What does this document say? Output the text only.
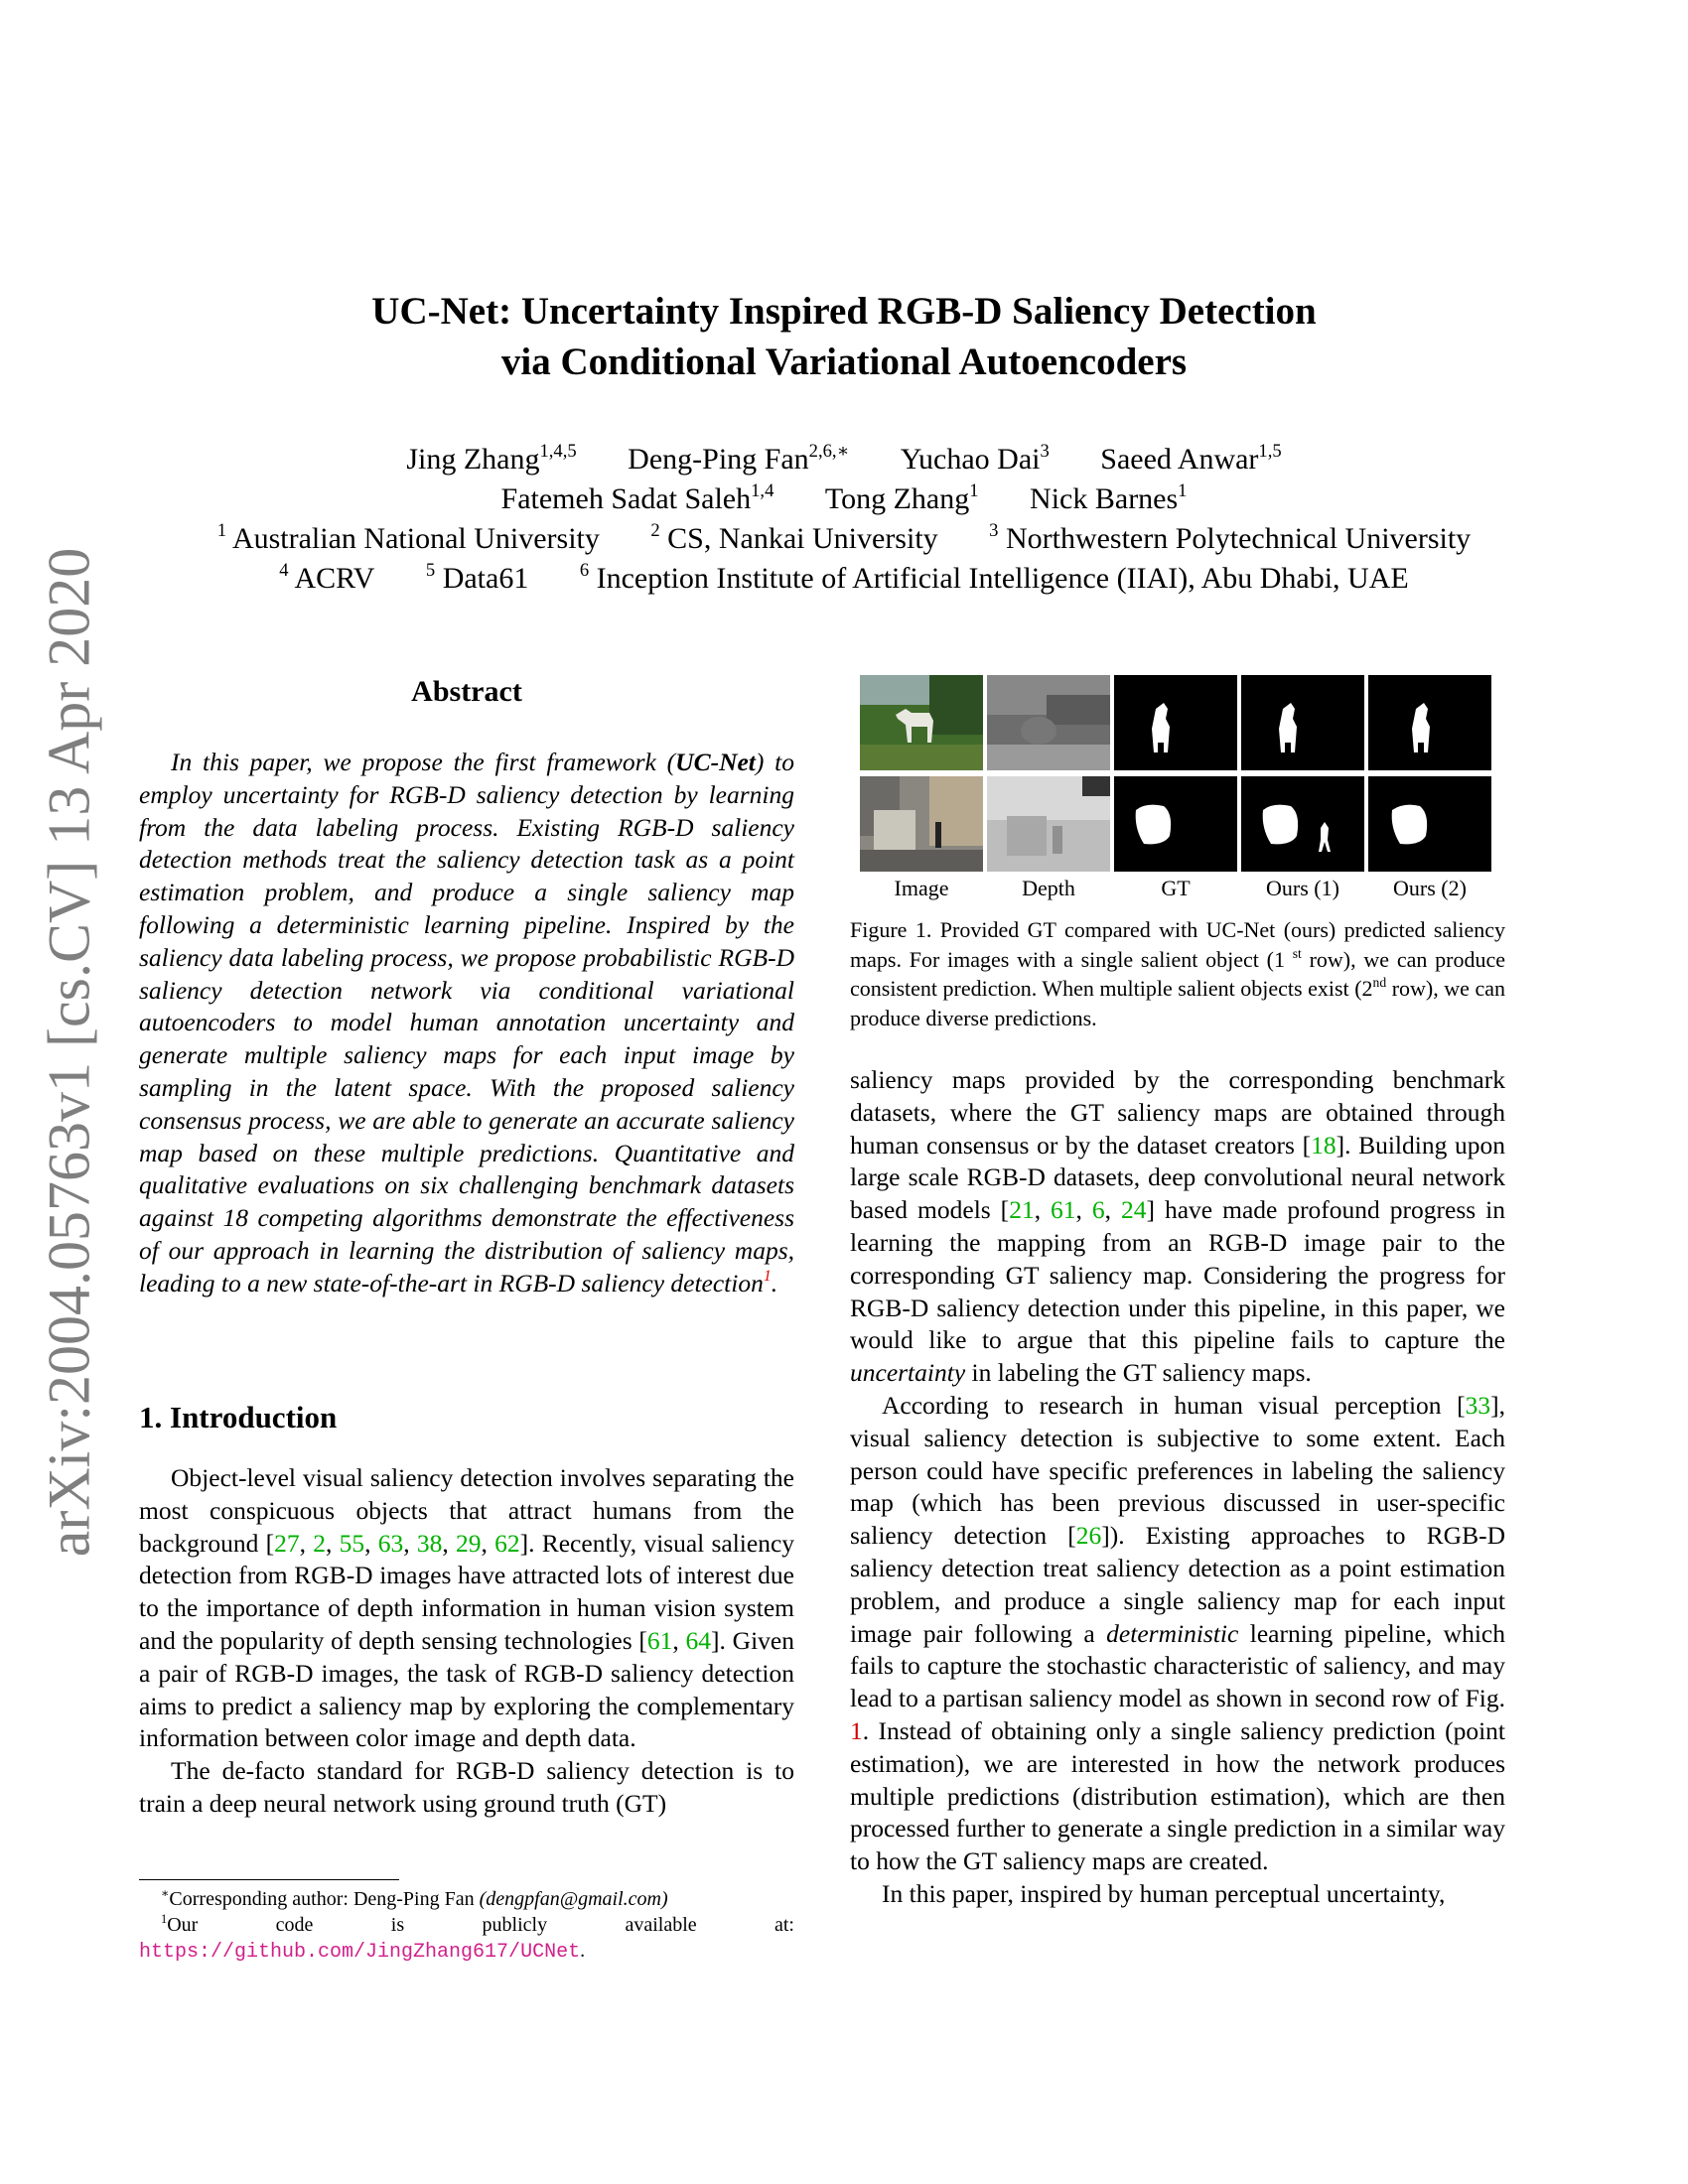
arXiv:2004.05763v1 [cs.CV] 13 Apr 2020
UC-Net: Uncertainty Inspired RGB-D Saliency Detection
via Conditional Variational Autoencoders
Jing Zhang$^{1,4,5}$ Deng-Ping Fan$^{2,6,∗}$ Yuchao Dai$^3$ Saeed Anwar$^{1,5}$
Fatemeh Sadat Saleh$^{1,4}$ Tong Zhang$^1$ Nick Barnes$^1$
$^1$ Australian National University	$^2$ CS, Nankai University	$^3$ Northwestern Polytechnical University
$^4$ ACRV	$^5$ Data61	$^6$ Inception Institute of Artificial Intelligence (IIAI), Abu Dhabi, UAE
Abstract

In this paper, we propose the first framework (UC-Net) to employ uncertainty for RGB-D saliency detection by learning from the data labeling process. Existing RGB-D saliency detection methods treat the saliency detection task as a point estimation problem, and produce a single saliency map following a deterministic learning pipeline. Inspired by the saliency data labeling process, we propose probabilistic RGB-D saliency detection network via conditional variational autoencoders to model human annotation uncertainty and generate multiple saliency maps for each input image by sampling in the latent space. With the proposed saliency consensus process, we are able to generate an accurate saliency map based on these multiple predictions. Quantitative and qualitative evaluations on six challenging benchmark datasets against 18 competing algorithms demonstrate the effectiveness of our approach in learning the distribution of saliency maps, leading to a new state-of-the-art in RGB-D saliency detection$^1$.

1. Introduction

Object-level visual saliency detection involves separating the most conspicuous objects that attract humans from the background [27, 2, 55, 63, 38, 29, 62]. Recently, visual saliency detection from RGB-D images have attracted lots of interest due to the importance of depth information in human vision system and the popularity of depth sensing technologies [61, 64]. Given a pair of RGB-D images, the task of RGB-D saliency detection aims to predict a saliency map by exploring the complementary information between color image and depth data.

The de-facto standard for RGB-D saliency detection is to train a deep neural network using ground truth (GT)

∗Corresponding author: Deng-Ping Fan (dengpfan@gmail.com)

$^1$Our code is publicly available at: https://github.com/JingZhang617/UCNet.

Image	Depth	GT	Ours (1)	Ours (2)

Figure 1. Provided GT compared with UC-Net (ours) predicted saliency maps. For images with a single salient object (1 $^{st}$ row), we can produce consistent prediction. When multiple salient objects exist (2nd row), we can produce diverse predictions.

saliency maps provided by the corresponding benchmark datasets, where the GT saliency maps are obtained through human consensus or by the dataset creators [18]. Building upon large scale RGB-D datasets, deep convolutional neural network based models [21, 61, 6, 24] have made profound progress in learning the mapping from an RGB-D image pair to the corresponding GT saliency map. Considering the progress for RGB-D saliency detection under this pipeline, in this paper, we would like to argue that this pipeline fails to capture the uncertainty in labeling the GT saliency maps.

According to research in human visual perception [33], visual saliency detection is subjective to some extent. Each person could have specific preferences in labeling the saliency map (which has been previous discussed in user-specific saliency detection [26]). Existing approaches to RGB-D saliency detection treat saliency detection as a point estimation problem, and produce a single saliency map for each input image pair following a deterministic learning pipeline, which fails to capture the stochastic characteristic of saliency, and may lead to a partisan saliency model as shown in second row of Fig. 1. Instead of obtaining only a single saliency prediction (point estimation), we are interested in how the network produces multiple predictions (distribution estimation), which are then processed further to generate a single prediction in a similar way to how the GT saliency maps are created.

In this paper, inspired by human perceptual uncertainty,
